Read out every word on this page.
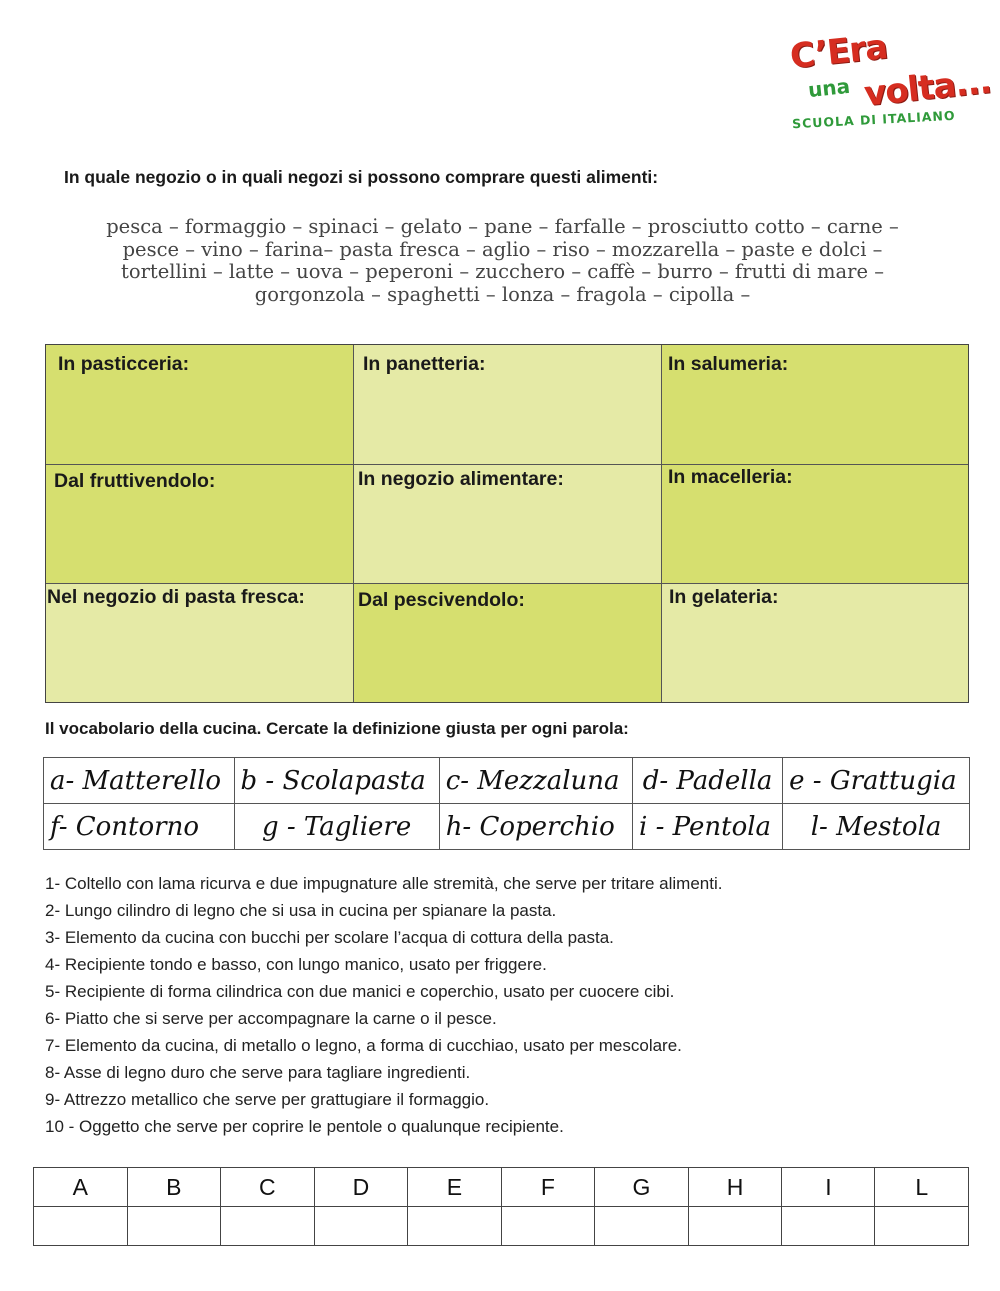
C’Era
una volta...
SCUOLA DI ITALIANO
In quale negozio o in quali negozi si possono comprare questi alimenti:
pesca – formaggio – spinaci – gelato – pane – farfalle – prosciutto cotto – carne –
pesce – vino – farina– pasta fresca – aglio – riso – mozzarella – paste e dolci –
tortellini – latte – uova – peperoni – zucchero – caffè – burro – frutti di mare –
gorgonzola – spaghetti – lonza – fragola – cipolla –
In pasticceria:	In panetteria:	In salumeria:
Dal fruttivendolo:	In negozio alimentare:	In macelleria:
Nel negozio di pasta fresca:	Dal pescivendolo:	In gelateria:
Il vocabolario della cucina. Cercate la definizione giusta per ogni parola:
a- Matterello	b - Scolapasta	c- Mezzaluna	d- Padella	e - Grattugia
f- Contorno	g - Tagliere	h- Coperchio	i - Pentola	l- Mestola
1- Coltello con lama ricurva e due impugnature alle stremità, che serve per tritare alimenti.
2- Lungo cilindro di legno che si usa in cucina per spianare la pasta.
3- Elemento da cucina con bucchi per scolare l’acqua di cottura della pasta.
4- Recipiente tondo e basso, con lungo manico, usato per friggere.
5- Recipiente di forma cilindrica con due manici e coperchio, usato per cuocere cibi.
6- Piatto che si serve per accompagnare la carne o il pesce.
7- Elemento da cucina, di metallo o legno, a forma di cucchiao, usato per mescolare.
8- Asse di legno duro che serve para tagliare ingredienti.
9- Attrezzo metallico che serve per grattugiare il formaggio.
10 - Oggetto che serve per coprire le pentole o qualunque recipiente.
A	B	C	D	E	F	G	H	I	L
